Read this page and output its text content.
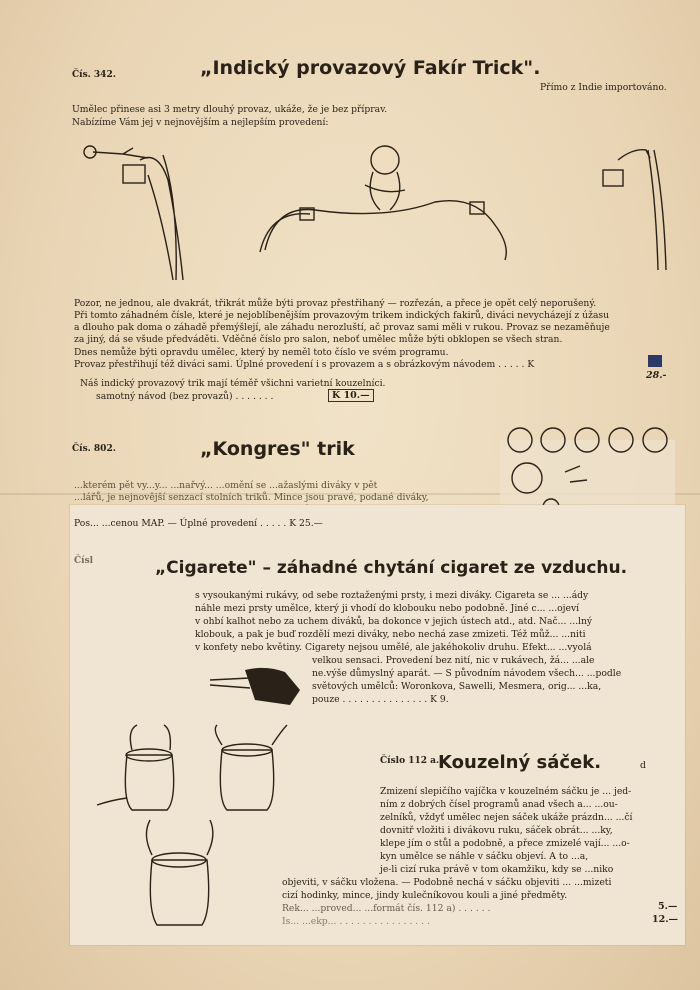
Čís. 342.	„Indický provazový Fakír Trick".
Přímo z Indie importováno.
Umělec přinese asi 3 metry dlouhý provaz, ukáže, že je bez příprav.
Nabízíme Vám jej v nejnovějším a nejlepším provedení:
Pozor, ne jednou, ale dvakrát, třikrát může býti provaz přestřihaný — rozřezán, a přece je opět celý neporušený.
Při tomto záhadném čísle, které je nejoblíbenějším provazovým trikem indických fakirů, diváci nevycházejí z úžasu
a dlouho pak doma o záhadě přemýšlejí, ale záhadu nerozluští, ač provaz sami měli v rukou. Provaz se nezaměňuje
za jiný, dá se všude předváděti. Vděčné číslo pro salon, neboť umělec může býti obklopen se všech stran.
Dnes nemůže býti opravdu umělec, který by neměl toto číslo ve svém programu.
Provaz přestřihují též diváci sami. Úplné provedení i s provazem a s obrázkovým návodem . . . . . K
28.-
Náš indický provazový trik mají téměř všichni varietní kouzelníci.
samotný návod (bez provazů) . . . . . . .	K 10.—
Čís. 802.	„Kongres" trik
...kterém pět vy...y... ...nařvý... ...omění se ...ažaslými diváky v pět
...lářů, je nejnovější senzací stolních triků. Mince jsou pravé, podané diváky,
Pos... ...cenou MAP. — Úplné provedení . . . . . K 25.—
Čísl	„Cigarete" – záhadné chytání cigaret ze vzduchu.
s vysoukanými rukávy, od sebe roztaženými prsty, i mezi diváky. Cigareta se ... ...ády
náhle mezi prsty umělce, který ji vhodí do klobouku nebo podobně. Jiné c... ...ojeví
v ohbí kalhot nebo za uchem diváků, ba dokonce v jejich ústech atd., atd. Nač... ...lný
klobouk, a pak je buď rozdělí mezi diváky, nebo nechá zase zmizeti. Též můž... ...niti
v konfety nebo květiny. Cigarety nejsou umělé, ale jakéhokoliv druhu. Efekt... ...vyolá
velkou sensaci. Provedení bez nití, nic v rukávech, žá... ...ale
ne.výše důmyslný aparát. — S původním návodem všech... ...podle
světových umělců: Woronkova, Sawelli, Mesmera, orig... ...ka,
pouze . . . . . . . . . . . . . . . K 9.
Číslo 112 a.
Kouzelný sáček.	d
Zmizení slepičího vajíčka v kouzelném sáčku je ... jed-
ním z dobrých čísel programů anad všech a... ...ou-
zelníků, vždyť umělec nejen sáček ukáže prázdn... ...čí
dovnitř vložiti i divákovu ruku, sáček obrát... ...ky,
klepe jím o stůl a podobně, a přece zmizelé vají... ...o-
kyn umělce se náhle v sáčku objeví. A to ...a,
je-li cizí ruka právě v tom okamžiku, kdy se ...niko
objeviti, v sáčku vložena. — Podobně nechá v sáčku objeviti ... ...mizeti
cizí hodinky, mince, jindy kulečníkovou kouli a jiné předměty.
Rek... ...proved... ...formát čís. 112 a) . . . . . .
Is... ...ekp... . . . . . . . . . . . . . . . .
5.—
12.—
